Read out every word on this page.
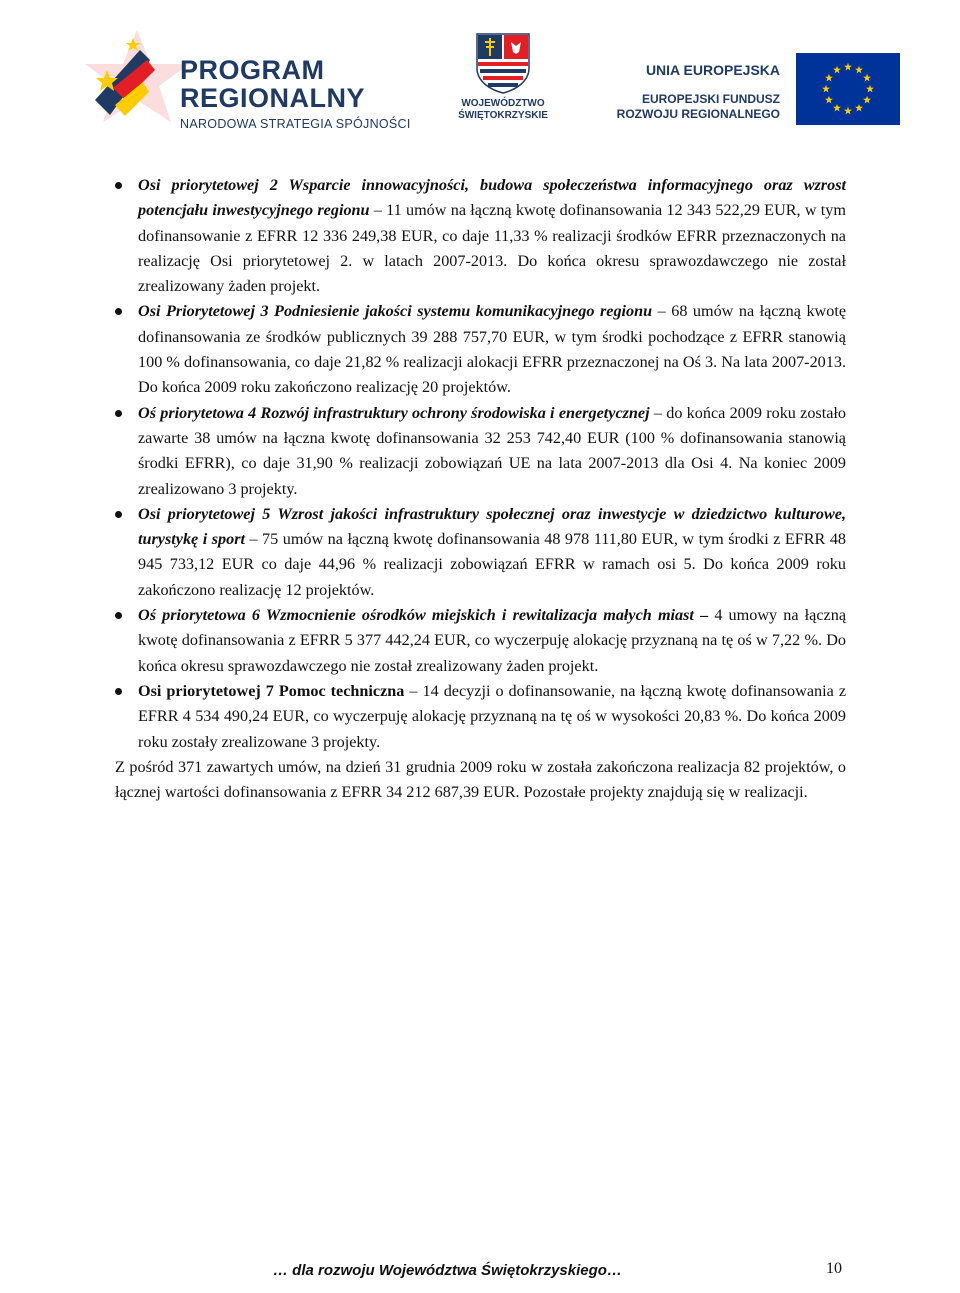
PROGRAM
REGIONALNY
NARODOWA STRATEGIA SPÓJNOŚCI
WOJEWÓDZTWO
ŚWIĘTOKRZYSKIE
UNIA EUROPEJSKA
EUROPEJSKI FUNDUSZ
ROZWOJU REGIONALNEGO
Osi priorytetowej 2 Wsparcie innowacyjności, budowa społeczeństwa informacyjnego oraz wzrost potencjału inwestycyjnego regionu – 11 umów na łączną kwotę dofinansowania 12 343 522,29 EUR, w tym dofinansowanie z EFRR 12 336 249,38 EUR, co daje 11,33 % realizacji środków EFRR przeznaczonych na realizację Osi priorytetowej 2. w latach 2007-2013. Do końca okresu sprawozdawczego nie został zrealizowany żaden projekt.
Osi Priorytetowej 3 Podniesienie jakości systemu komunikacyjnego regionu – 68 umów na łączną kwotę dofinansowania ze środków publicznych 39 288 757,70 EUR, w tym środki pochodzące z EFRR stanowią 100 % dofinansowania, co daje 21,82 % realizacji alokacji EFRR przeznaczonej na Oś 3. Na lata 2007-2013. Do końca 2009 roku zakończono realizację 20 projektów.
Oś priorytetowa 4 Rozwój infrastruktury ochrony środowiska i energetycznej – do końca 2009 roku zostało zawarte 38 umów na łączna kwotę dofinansowania 32 253 742,40 EUR (100 % dofinansowania stanowią środki EFRR), co daje 31,90 % realizacji zobowiązań UE na lata 2007-2013 dla Osi 4. Na koniec 2009 zrealizowano 3 projekty.
Osi priorytetowej 5 Wzrost jakości infrastruktury społecznej oraz inwestycje w dziedzictwo kulturowe, turystykę i sport – 75 umów na łączną kwotę dofinansowania 48 978 111,80 EUR, w tym środki z EFRR 48 945 733,12 EUR co daje 44,96 % realizacji zobowiązań EFRR w ramach osi 5. Do końca 2009 roku zakończono realizację 12 projektów.
Oś priorytetowa 6 Wzmocnienie ośrodków miejskich i rewitalizacja małych miast – 4 umowy na łączną kwotę dofinansowania z EFRR 5 377 442,24 EUR, co wyczerpuję alokację przyznaną na tę oś w 7,22 %. Do końca okresu sprawozdawczego nie został zrealizowany żaden projekt.
Osi priorytetowej 7 Pomoc techniczna – 14 decyzji o dofinansowanie, na łączną kwotę dofinansowania z EFRR 4 534 490,24 EUR, co wyczerpuję alokację przyznaną na tę oś w wysokości 20,83 %. Do końca 2009 roku zostały zrealizowane 3 projekty.

Z pośród 371 zawartych umów, na dzień 31 grudnia 2009 roku w została zakończona realizacja 82 projektów, o łącznej wartości dofinansowania z EFRR 34 212 687,39 EUR. Pozostałe projekty znajdują się w realizacji.

… dla rozwoju Województwa Świętokrzyskiego…	10
